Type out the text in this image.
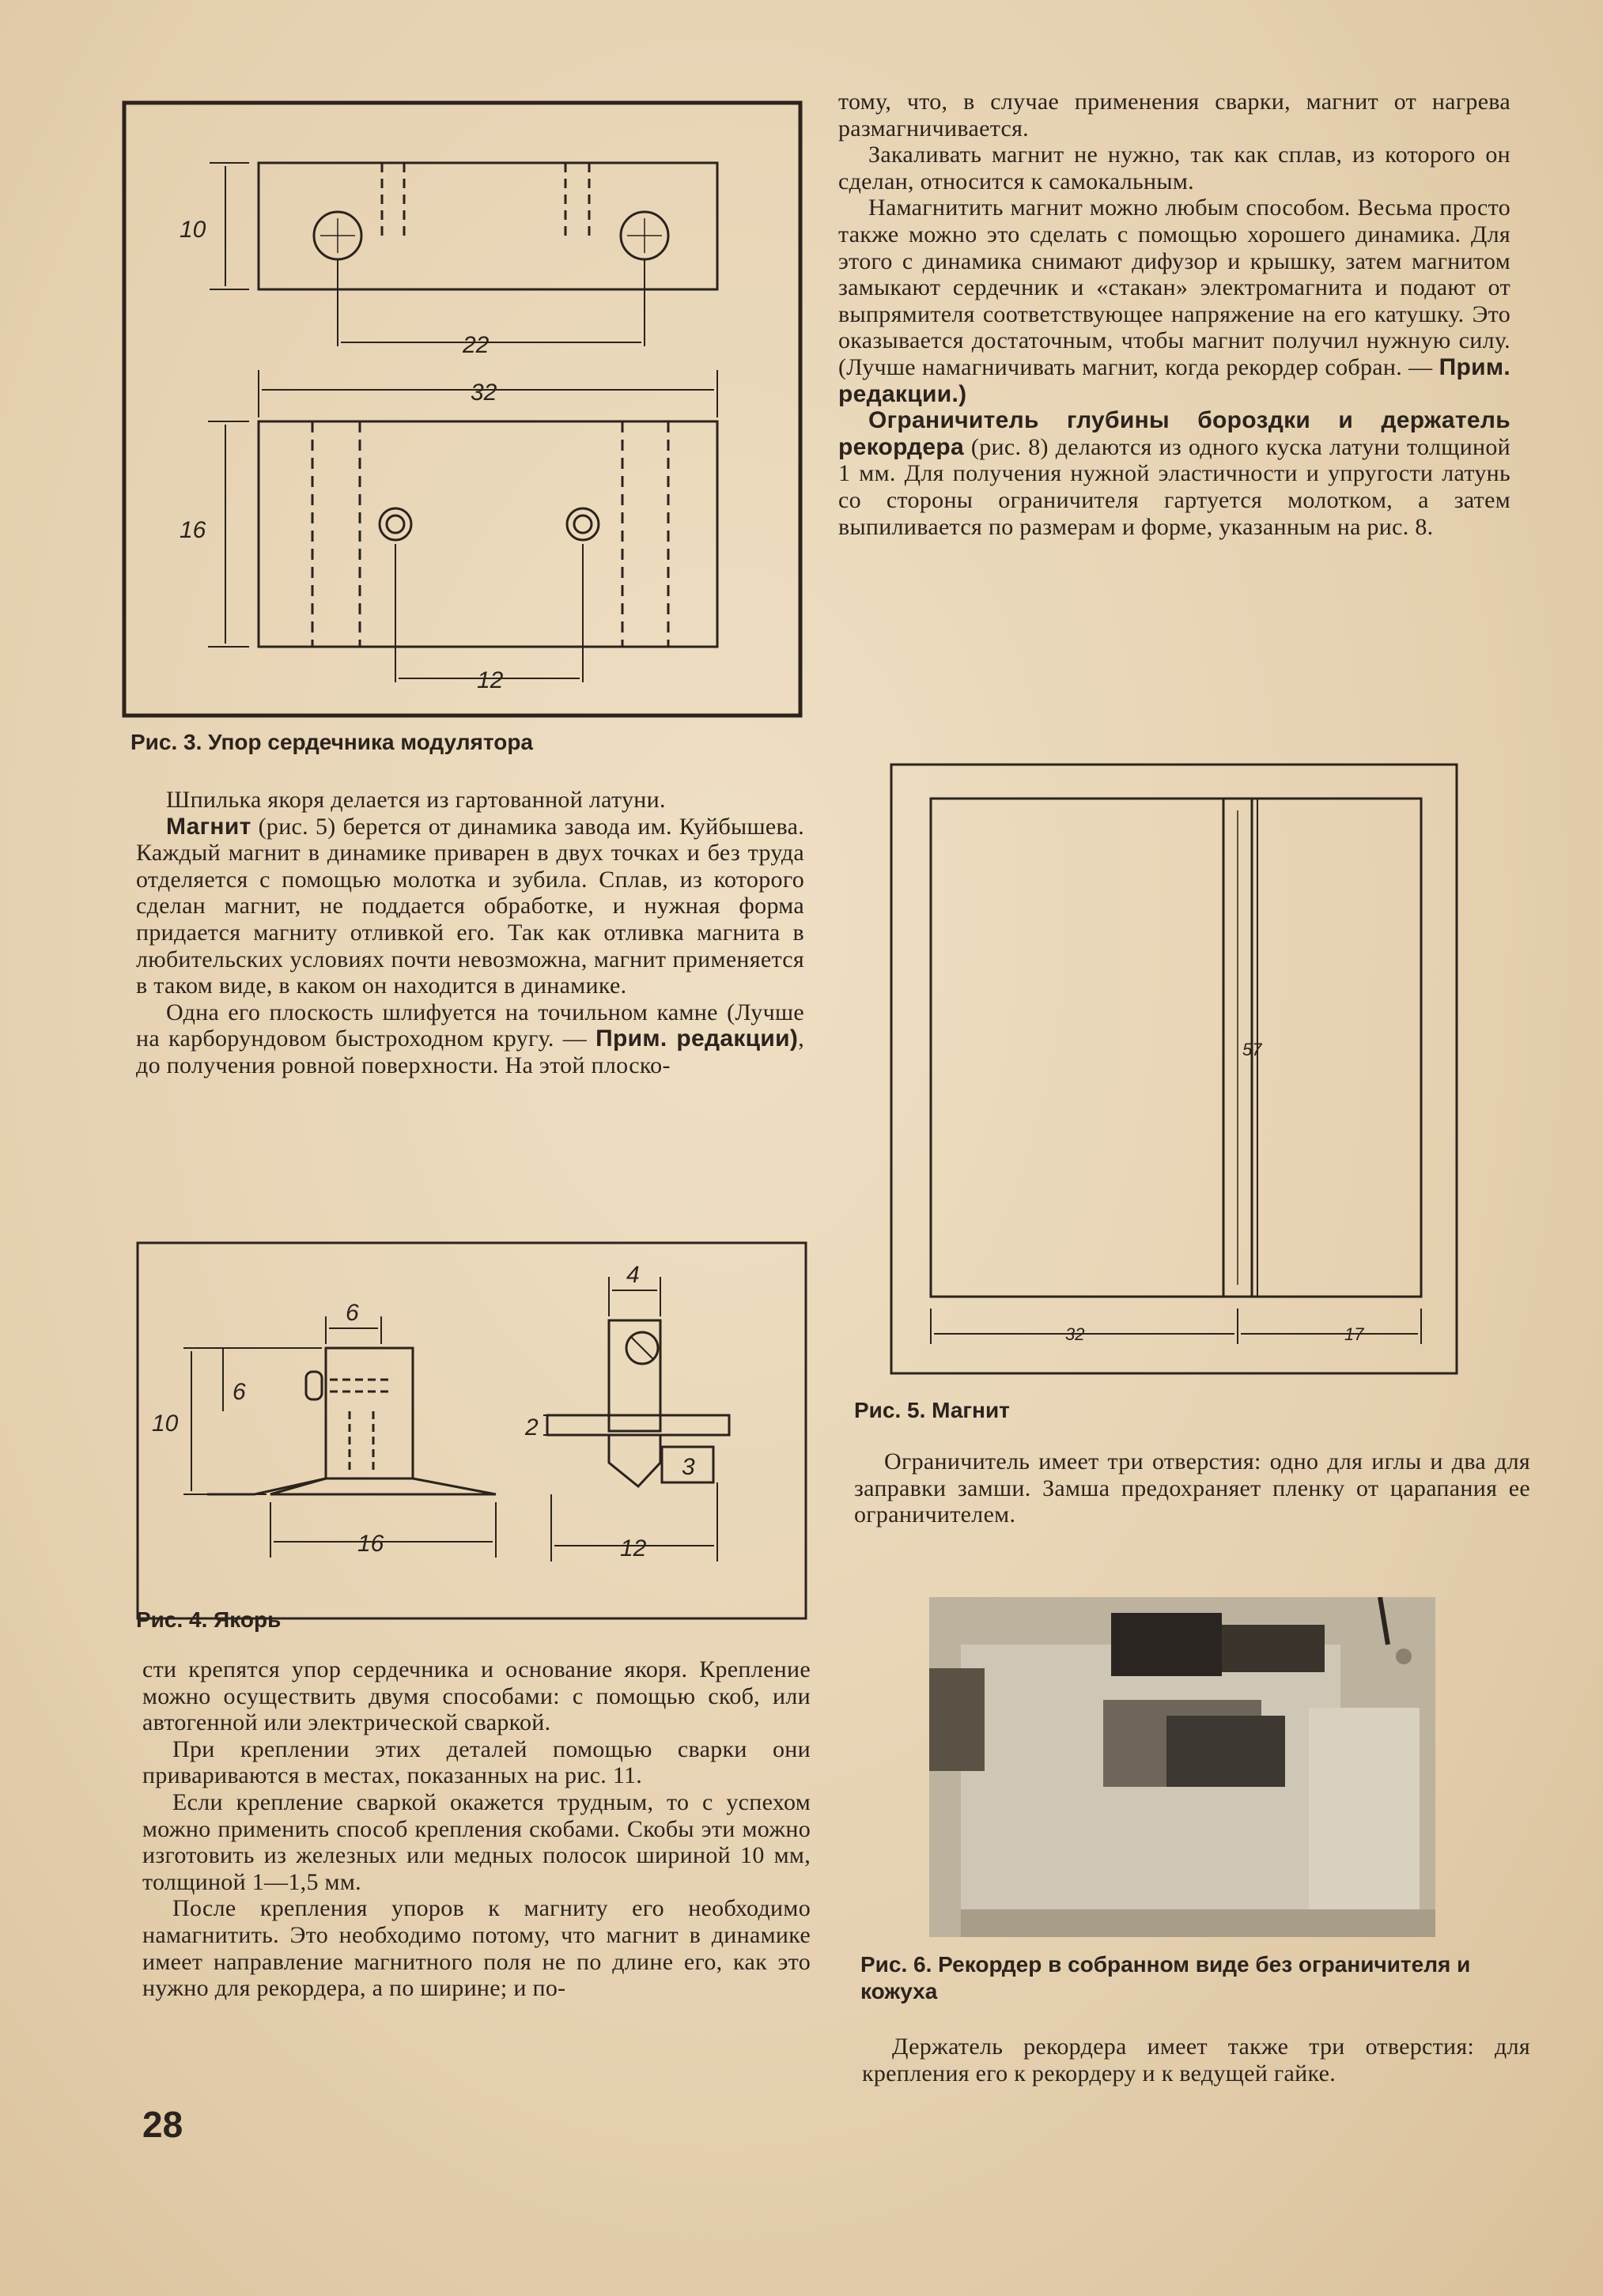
10
22
32
16
12
Рис. 3. Упор сердечника модулятора

Шпилька якоря делается из гартованной латуни.

Магнит (рис. 5) берется от динамика завода им. Куйбышева. Каждый магнит в динамике приварен в двух точках и без труда отделяется с помощью молотка и зубила. Сплав, из которого сделан магнит, не поддается обработке, и нужная форма придается магниту отливкой его. Так как отливка магнита в любительских условиях почти невозможна, магнит применяется в таком виде, в каком он находится в динамике.

Одна его плоскость шлифуется на точильном камне (Лучше на карборундовом быстроходном кругу. — Прим. редакции), до получения ровной поверхности. На этой плоско-

6
6
10
16
4
2
3
12
Рис. 4. Якорь

сти крепятся упор сердечника и основание якоря. Крепление можно осуществить двумя способами: с помощью скоб, или автогенной или электрической сваркой.

При креплении этих деталей помощью сварки они привариваются в местах, показанных на рис. 11.

Если крепление сваркой окажется трудным, то с успехом можно применить способ крепления скобами. Скобы эти можно изготовить из железных или медных полосок шириной 10 мм, толщиной 1—1,5 мм.

После крепления упоров к магниту его необходимо намагнитить. Это необходимо потому, что магнит в динамике имеет направление магнитного поля не по длине его, как это нужно для рекордера, а по ширине; и по-

28

тому, что, в случае применения сварки, магнит от нагрева размагничивается.

Закаливать магнит не нужно, так как сплав, из которого он сделан, относится к самокальным.

Намагнитить магнит можно любым способом. Весьма просто также можно это сделать с помощью хорошего динамика. Для этого с динамика снимают дифузор и крышку, затем магнитом замыкают сердечник и «стакан» электромагнита и подают от выпрямителя соответствующее напряжение на его катушку. Это оказывается достаточным, чтобы магнит получил нужную силу. (Лучше намагничивать магнит, когда рекордер собран. — Прим. редакции.)

Ограничитель глубины бороздки и держатель рекордера (рис. 8) делаются из одного куска латуни толщиной 1 мм. Для получения нужной эластичности и упругости латунь со стороны ограничителя гартуется молотком, а затем выпиливается по размерам и форме, указанным на рис. 8.

57
32	17
Рис. 5. Магнит

Ограничитель имеет три отверстия: одно для иглы и два для заправки замши. Замша предохраняет пленку от царапания ее ограничителем.

Рис. 6. Рекордер в собранном виде без ограничителя и кожуха

Держатель рекордера имеет также три отверстия: для крепления его к рекордеру и к ведущей гайке.
